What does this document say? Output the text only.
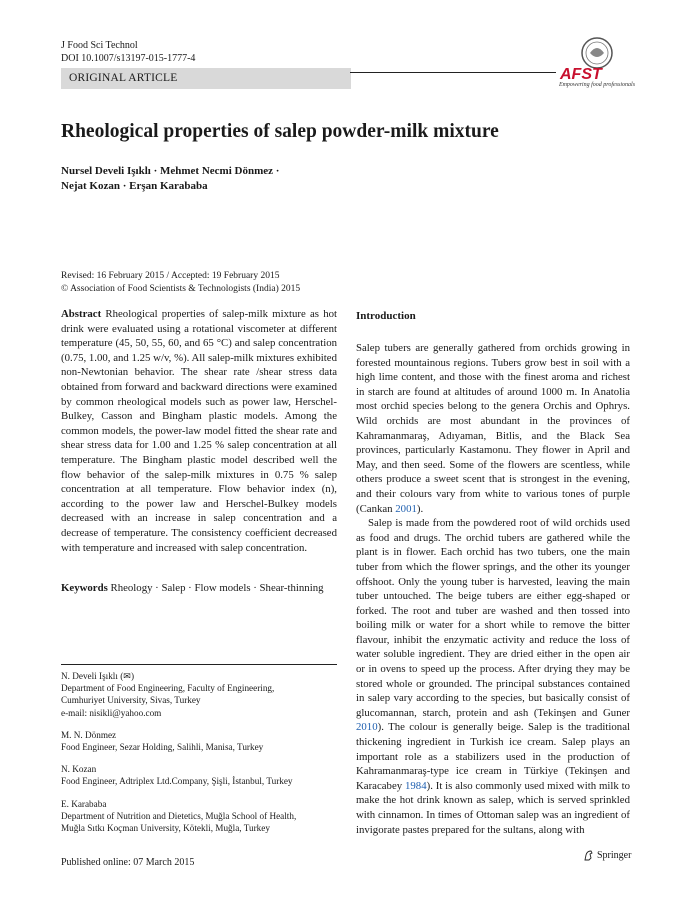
J Food Sci Technol
DOI 10.1007/s13197-015-1777-4
ORIGINAL ARTICLE	AFST
Empowering food professionals
Rheological properties of salep powder-milk mixture
Nursel Develi Işıklı · Mehmet Necmi Dönmez ·
Nejat Kozan · Erşan Karababa
Revised: 16 February 2015 / Accepted: 19 February 2015
© Association of Food Scientists & Technologists (India) 2015
Abstract Rheological properties of salep-milk mixture as hot drink were evaluated using a rotational viscometer at different temperature (45, 50, 55, 60, and 65 °C) and salep concentration (0.75, 1.00, and 1.25 w/v, %). All salep-milk mixtures exhibited non-Newtonian behavior. The shear rate /shear stress data obtained from forward and backward directions were examined by common rheological models such as power law, Herschel-Bulkey, Casson and Bingham plastic models. Among the common models, the power-law model fitted the shear rate and shear stress data for 1.00 and 1.25 % salep concentration at all temperature. The Bingham plastic model described well the flow behavior of the salep-milk mixtures in 0.75 % salep concentration at all temperature. Flow behavior index (n), according to the power law and Herschel-Bulkey models decreased with an increase in salep concentration and a decrease of temperature. The consistency coefficient decreased with temperature and increased with salep concentration.
Keywords Rheology · Salep · Flow models · Shear-thinning
N. Develi Işıklı (✉)
Department of Food Engineering, Faculty of Engineering,
Cumhuriyet University, Sivas, Turkey
e-mail: nisikli@yahoo.com
M. N. Dönmez
Food Engineer, Sezar Holding, Salihli, Manisa, Turkey
N. Kozan
Food Engineer, Adtriplex Ltd.Company, Şişli, İstanbul, Turkey
E. Karababa
Department of Nutrition and Dietetics, Muğla School of Health,
Muğla Sıtkı Koçman University, Kötekli, Muğla, Turkey
Introduction

Salep tubers are generally gathered from orchids growing in forested mountainous regions. Tubers grow best in soil with a high lime content, and those with the finest aroma and richest in starch are found at altitudes of around 1000 m. In Anatolia most orchid species belong to the genera Orchis and Ophrys. Wild orchids are most abundant in the provinces of Kahramanmaraş, Adıyaman, Bitlis, and the Black Sea provinces, particularly Kastamonu. They flower in April and May, and then seed. Some of the flowers are scentless, while others produce a sweet scent that is strongest in the evening, and their colours vary from white to various tones of purple (Cankan 2001).

Salep is made from the powdered root of wild orchids used as food and drugs. The orchid tubers are gathered while the plant is in flower. Each orchid has two tubers, one the main tuber from which the flower springs, and the other its younger offshoot. Only the young tuber is harvested, leaving the main tuber untouched. The beige tubers are either egg-shaped or forked. The root and tuber are washed and then tossed into boiling milk or water for a short while to remove the bitter flavour, inhibit the enzymatic activity and reduce the loss of water soluble ingredient. They are dried either in the open air or in ovens to speed up the process. After drying they may be stored whole or grounded. The principal substances contained in salep vary according to the species, but basically consist of glucomannan, starch, protein and ash (Tekinşen and Guner 2010). The colour is generally beige. Salep is the traditional thickening ingredient in Turkish ice cream. Salep plays an important role as a stabilizers used in the production of Kahramanmaraş-type ice cream in Türkiye (Tekinşen and Karacabey 1984). It is also commonly used mixed with milk to make the hot drink known as salep, which is served sprinkled with cinnamon. In times of Ottoman salep was an ingredient of invigorate pastes prepared for the sultans, along with

Published online: 07 March 2015
Springer
